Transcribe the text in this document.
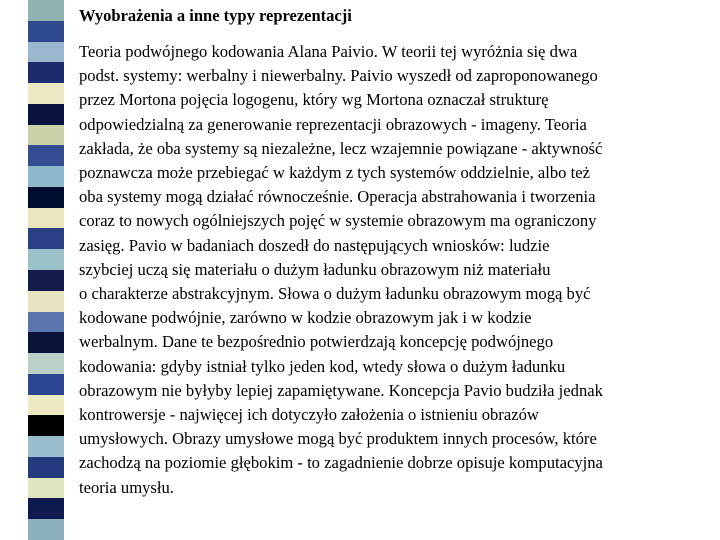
Wyobrażenia a inne typy reprezentacji
Teoria podwójnego kodowania Alana Paivio. W teorii tej wyróżnia się dwa
podst. systemy: werbalny i niewerbalny. Paivio wyszedł od zaproponowanego
przez Mortona pojęcia logogenu, który wg Mortona oznaczał strukturę
odpowiedzialną za generowanie reprezentacji obrazowych - imageny. Teoria
zakłada, że oba systemy są niezależne, lecz wzajemnie powiązane - aktywność
poznawcza może przebiegać w każdym z tych systemów oddzielnie, albo też
oba systemy mogą działać równocześnie. Operacja abstrahowania i tworzenia
coraz to nowych ogólniejszych pojęć w systemie obrazowym ma ograniczony
zasięg. Pavio w badaniach doszedł do następujących wniosków: ludzie
szybciej uczą się materiału o dużym ładunku obrazowym niż materiału
o charakterze abstrakcyjnym. Słowa o dużym ładunku obrazowym mogą być
kodowane podwójnie, zarówno w kodzie obrazowym jak i w kodzie
werbalnym. Dane te bezpośrednio potwierdzają koncepcję podwójnego
kodowania: gdyby istniał tylko jeden kod, wtedy słowa o dużym ładunku
obrazowym nie byłyby lepiej zapamiętywane. Koncepcja Pavio budziła jednak
kontrowersje - najwięcej ich dotyczyło założenia o istnieniu obrazów
umysłowych. Obrazy umysłowe mogą być produktem innych procesów, które
zachodzą na poziomie głębokim - to zagadnienie dobrze opisuje komputacyjna
teoria umysłu.
